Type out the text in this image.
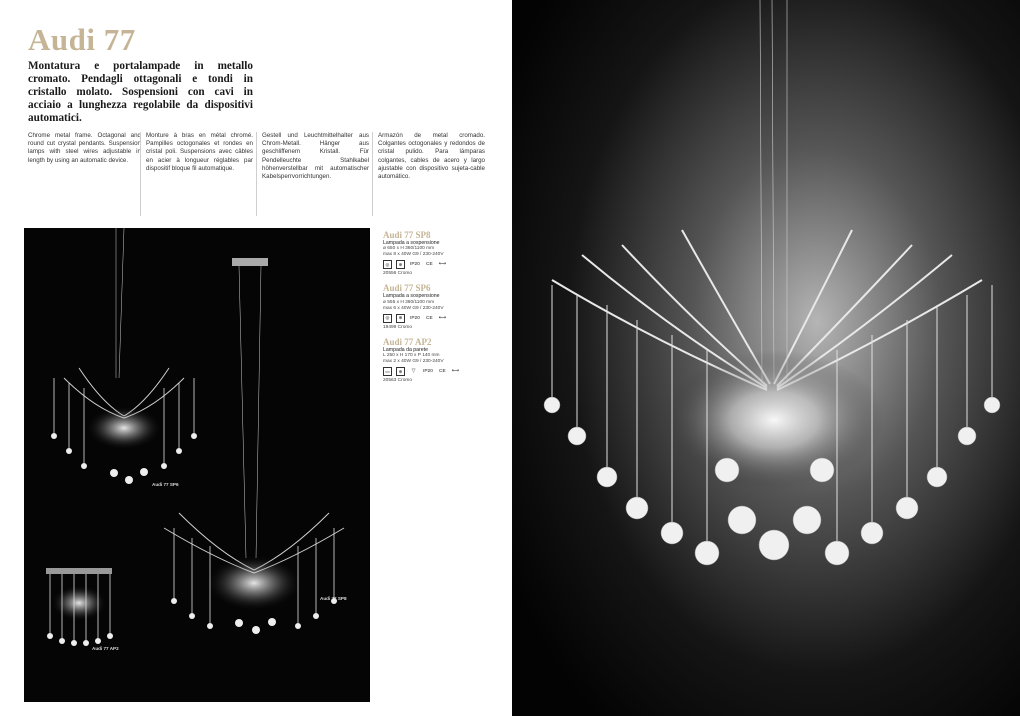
Audi 77
Montatura e portalampade in metallo cromato. Pendagli ottagonali e tondi in cristallo molato. Sospensioni con cavi in acciaio a lunghezza regolabile da dispositivi automatici.
Chrome metal frame. Octagonal and round cut crystal pendants. Suspension lamps with steel wires adjustable in length by using an automatic device.
Monture à bras en métal chromé. Pampilles octogonales et rondes en cristal poli. Suspensions avec câbles en acier à longueur réglables par dispositif bloque fil automatique.
Gestell und Leuchtmittelhalter aus Chrom-Metall. Hänger aus geschliffenem Kristall. Für Pendelleuchte Stahlkabel höhenverstellbar mit automatischer Kabelsperrvorrichtungen.
Armazón de metal cromado. Colgantes octogonales y redondos de cristal pulido. Para lámparas colgantes, cables de acero y largo ajustable con dispositivo sujeta-cable automático.
Audi 77 SP6
Audi 77 SP8
Audi 77 AP2
Audi 77 SP8
Lampada a sospensione
ø 650 x H 360/1100 mm
max 8 x 40W G9 / 230-240V
◎	⊕	IP20 CE ⟷
20556 Cromo
Audi 77 SP6
Lampada a sospensione
ø 555 x H 360/1100 mm
max 6 x 40W G9 / 230-240V
◎	⊕	IP20 CE ⟷
19499 Cromo
Audi 77 AP2
Lampada da parete
L 250 x H 170 x P 140 mm
max 2 x 40W G9 / 230-240V
▭	⊕	▽	IP20 CE ⟷
20563 Cromo
